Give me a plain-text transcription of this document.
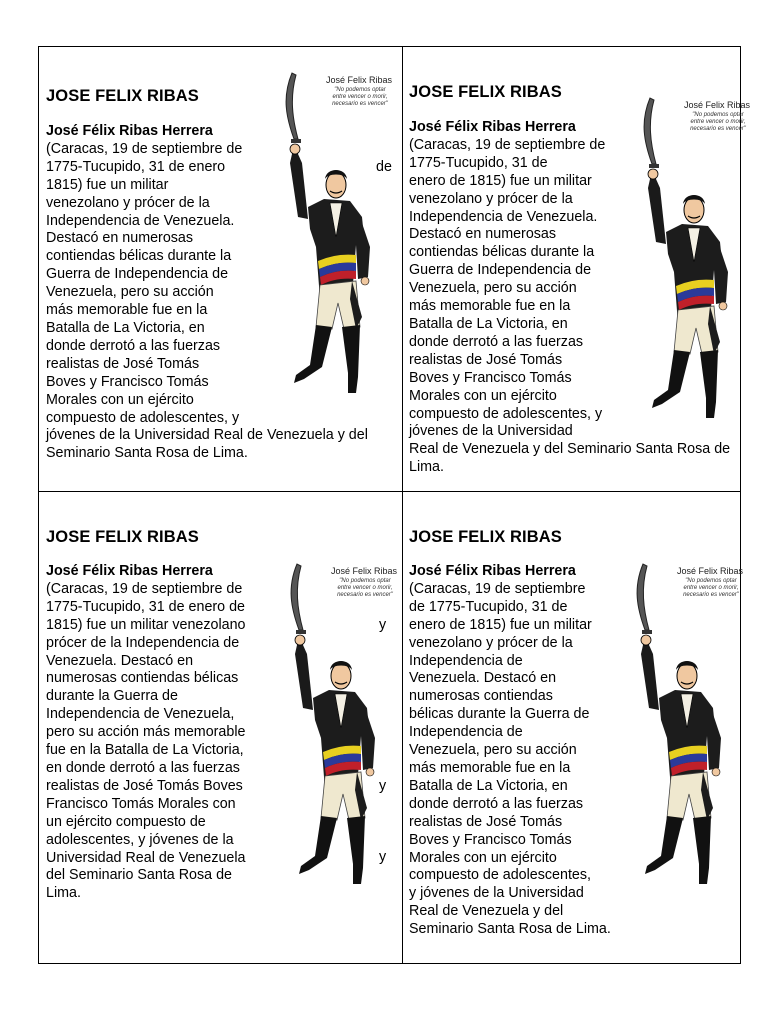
JOSE FELIX RIBAS
José Félix Ribas Herrera
(Caracas, 19 de septiembre de
1775-Tucupido, 31 de enero
1815) fue un militar
venezolano y prócer de la
Independencia de Venezuela.
Destacó en numerosas
contiendas bélicas durante la
Guerra de Independencia de
Venezuela, pero su acción
más memorable fue en la
Batalla de La Victoria, en
donde derrotó a las fuerzas
realistas de José Tomás
Boves y Francisco Tomás
Morales con un ejército
compuesto de adolescentes, y
jóvenes de la Universidad Real de Venezuela y del
Seminario Santa Rosa de Lima.
José Felix Ribas
"No podemos optar
entre vencer o morir,
necesario es vencer"
de
JOSE FELIX RIBAS
José Félix Ribas Herrera
(Caracas, 19 de septiembre de
1775-Tucupido, 31 de
enero de 1815) fue un militar
venezolano y prócer de la
Independencia de Venezuela.
Destacó en numerosas
contiendas bélicas durante la
Guerra de Independencia de
Venezuela, pero su acción
más memorable fue en la
Batalla de La Victoria, en
donde derrotó a las fuerzas
realistas de José Tomás
Boves y Francisco Tomás
Morales con un ejército
compuesto de adolescentes, y
jóvenes de la Universidad
Real de Venezuela y del Seminario Santa Rosa de
Lima.
José Felix Ribas
"No podemos optar
entre vencer o morir,
necesario es vencer"
JOSE FELIX RIBAS
José Félix Ribas Herrera
(Caracas, 19 de septiembre de
1775-Tucupido, 31 de enero de
1815) fue un militar venezolano
prócer de la Independencia de
Venezuela. Destacó en
numerosas contiendas bélicas
durante la Guerra de
Independencia de Venezuela,
pero su acción más memorable
fue en la Batalla de La Victoria,
en donde derrotó a las fuerzas
realistas de José Tomás Boves
Francisco Tomás Morales con
un ejército compuesto de
adolescentes, y jóvenes de la
Universidad Real de Venezuela
del Seminario Santa Rosa de
Lima.
José Felix Ribas
"No podemos optar
entre vencer o morir,
necesario es vencer"
y
y
y
JOSE FELIX RIBAS
José Félix Ribas Herrera
(Caracas, 19 de septiembre
de 1775-Tucupido, 31 de
enero de 1815) fue un militar
venezolano y prócer de la
Independencia de
Venezuela. Destacó en
numerosas contiendas
bélicas durante la Guerra de
Independencia de
Venezuela, pero su acción
más memorable fue en la
Batalla de La Victoria, en
donde derrotó a las fuerzas
realistas de José Tomás
Boves y Francisco Tomás
Morales con un ejército
compuesto de adolescentes,
y jóvenes de la Universidad
Real de Venezuela y del
Seminario Santa Rosa de Lima.
José Felix Ribas
"No podemos optar
entre vencer o morir,
necesario es vencer"
